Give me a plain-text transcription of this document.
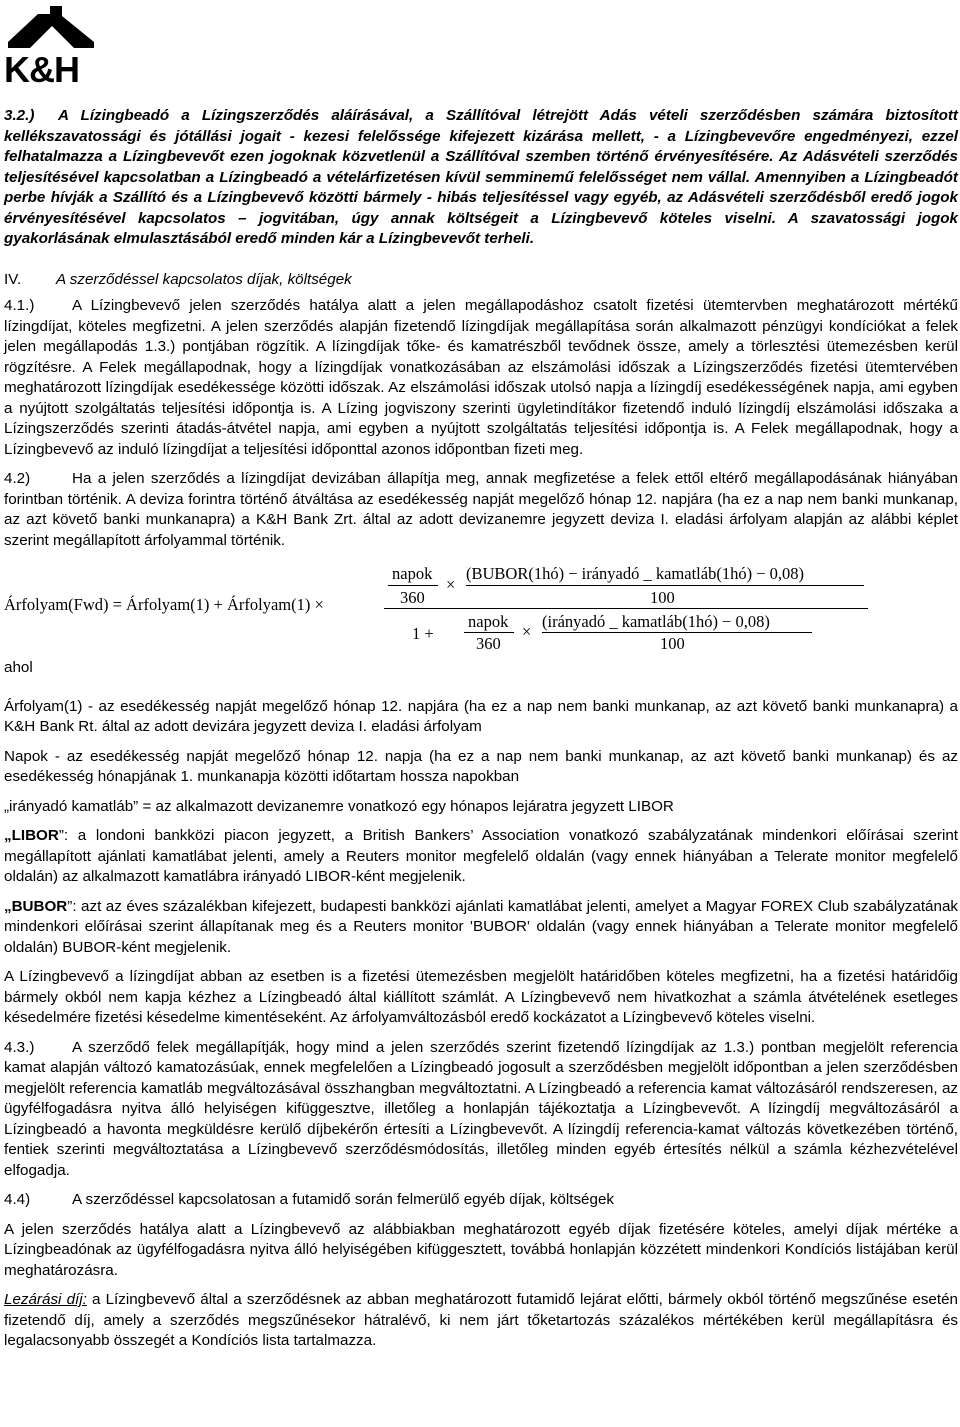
K&H

3.2.) A Lízingbeadó a Lízingszerződés aláírásával, a Szállítóval létrejött Adás vételi szerződésben számára biztosított kellékszavatossági és jótállási jogait - kezesi felelőssége kifejezett kizárása mellett, - a Lízingbevevőre engedményezi, ezzel felhatalmazza a Lízingbevevőt ezen jogoknak közvetlenül a Szállítóval szemben történő érvényesítésére. Az Adásvételi szerződés teljesítésével kapcsolatban a Lízingbeadó a vételárfizetésen kívül semminemű felelősséget nem vállal. Amennyiben a Lízingbeadót perbe hívják a Szállító és a Lízingbevevő közötti bármely - hibás teljesítéssel vagy egyéb, az Adásvételi szerződésből eredő jogok érvényesítésével kapcsolatos – jogvitában, úgy annak költségeit a Lízingbevevő köteles viselni. A szavatossági jogok gyakorlásának elmulasztásából eredő minden kár a Lízingbevevőt terheli.

IV. A szerződéssel kapcsolatos díjak, költségek

4.1.) A Lízingbevevő jelen szerződés hatálya alatt a jelen megállapodáshoz csatolt fizetési ütemtervben meghatározott mértékű lízingdíjat, köteles megfizetni. A jelen szerződés alapján fizetendő lízingdíjak megállapítása során alkalmazott pénzügyi kondíciókat a felek jelen megállapodás 1.3.) pontjában rögzítik. A lízingdíjak tőke- és kamatrészből tevődnek össze, amely a törlesztési ütemezésben kerül rögzítésre. A Felek megállapodnak, hogy a lízingdíjak vonatkozásában az elszámolási időszak a Lízingszerződés fizetési ütemtervében meghatározott lízingdíjak esedékessége közötti időszak. Az elszámolási időszak utolsó napja a lízingdíj esedékességének napja, ami egyben a nyújtott szolgáltatás teljesítési időpontja is. A Lízing jogviszony szerinti ügyletindítákor fizetendő induló lízingdíj elszámolási időszaka a Lízingszerződés szerinti átadás-átvétel napja, ami egyben a nyújtott szolgáltatás teljesítési időpontja is. A Felek megállapodnak, hogy a Lízingbevevő az induló lízingdíjat a teljesítési időponttal azonos időpontban fizeti meg.

4.2)	Ha a jelen szerződés a lízingdíjat devizában állapítja meg, annak megfizetése a felek ettől eltérő megállapodásának hiányában forintban történik. A deviza forintra történő átváltása az esedékesség napját megelőző hónap 12. napjára (ha ez a nap nem banki munkanap, az azt követő banki munkanapra) a K&H Bank Zrt. által az adott devizanemre jegyzett deviza I. eladási árfolyam alapján az alábbi képlet szerint megállapított árfolyammal történik.

Árfolyam(Fwd) = Árfolyam(1) + Árfolyam(1) ×
napok
360
×
(BUBOR(1hó) − irányadó _ kamatláb(1hó) − 0,08)
100
1 +
napok
360
×
(irányadó _ kamatláb(1hó) − 0,08)
100

ahol

Árfolyam(1) - az esedékesség napját megelőző hónap 12. napjára (ha ez a nap nem banki munkanap, az azt követő banki munkanapra) a K&H Bank Rt. által az adott devizára jegyzett deviza I. eladási árfolyam

Napok - az esedékesség napját megelőző hónap 12. napja (ha ez a nap nem banki munkanap, az azt követő banki munkanap) és az esedékesség hónapjának 1. munkanapja közötti időtartam hossza napokban

„irányadó kamatláb” = az alkalmazott devizanemre vonatkozó egy hónapos lejáratra jegyzett LIBOR

„LIBOR”: a londoni bankközi piacon jegyzett, a British Bankers’ Association vonatkozó szabályzatának mindenkori előírásai szerint megállapított ajánlati kamatlábat jelenti, amely a Reuters monitor megfelelő oldalán (vagy ennek hiányában a Telerate monitor megfelelő oldalán) az alkalmazott kamatlábra irányadó LIBOR-ként megjelenik.

„BUBOR”: azt az éves százalékban kifejezett, budapesti bankközi ajánlati kamatlábat jelenti, amelyet a Magyar FOREX Club szabályzatának mindenkori előírásai szerint állapítanak meg és a Reuters monitor 'BUBOR' oldalán (vagy ennek hiányában a Telerate monitor megfelelő oldalán) BUBOR-ként megjelenik.

A Lízingbevevő a lízingdíjat abban az esetben is a fizetési ütemezésben megjelölt határidőben köteles megfizetni, ha a fizetési határidőig bármely okból nem kapja kézhez a Lízingbeadó által kiállított számlát. A Lízingbevevő nem hivatkozhat a számla átvételének esetleges késedelmére fizetési késedelme kimentéseként. Az árfolyamváltozásból eredő kockázatot a Lízingbevevő köteles viselni.

4.3.) A szerződő felek megállapítják, hogy mind a jelen szerződés szerint fizetendő lízingdíjak az 1.3.) pontban megjelölt referencia kamat alapján változó kamatozásúak, ennek megfelelően a Lízingbeadó jogosult a szerződésben megjelölt időpontban a jelen szerződésben megjelölt referencia kamatláb megváltozásával összhangban megváltoztatni. A Lízingbeadó a referencia kamat változásáról rendszeresen, az ügyfélfogadásra nyitva álló helyiségen kifüggesztve, illetőleg a honlapján tájékoztatja a Lízingbevevőt. A lízingdíj megváltozásáról a Lízingbeadó a havonta megküldésre kerülő díjbekérőn értesíti a Lízingbevevőt. A lízingdíj referencia-kamat változás következében történő, fentiek szerinti megváltoztatása a Lízingbevevő szerződésmódosítás, illetőleg minden egyéb értesítés nélkül a számla kézhezvételével elfogadja.

4.4)	A szerződéssel kapcsolatosan a futamidő során felmerülő egyéb díjak, költségek

A jelen szerződés hatálya alatt a Lízingbevevő az alábbiakban meghatározott egyéb díjak fizetésére köteles, amelyi díjak mértéke a Lízingbeadónak az ügyfélfogadásra nyitva álló helyiségében kifüggesztett, továbbá honlapján közzétett mindenkori Kondíciós listájában kerül meghatározásra.

Lezárási díj: a Lízingbevevő által a szerződésnek az abban meghatározott futamidő lejárat előtti, bármely okból történő megszűnése esetén fizetendő díj, amely a szerződés megszűnésekor hátralévő, ki nem járt tőketartozás százalékos mértékében kerül megállapításra és legalacsonyabb összegét a Kondíciós lista tartalmazza.
